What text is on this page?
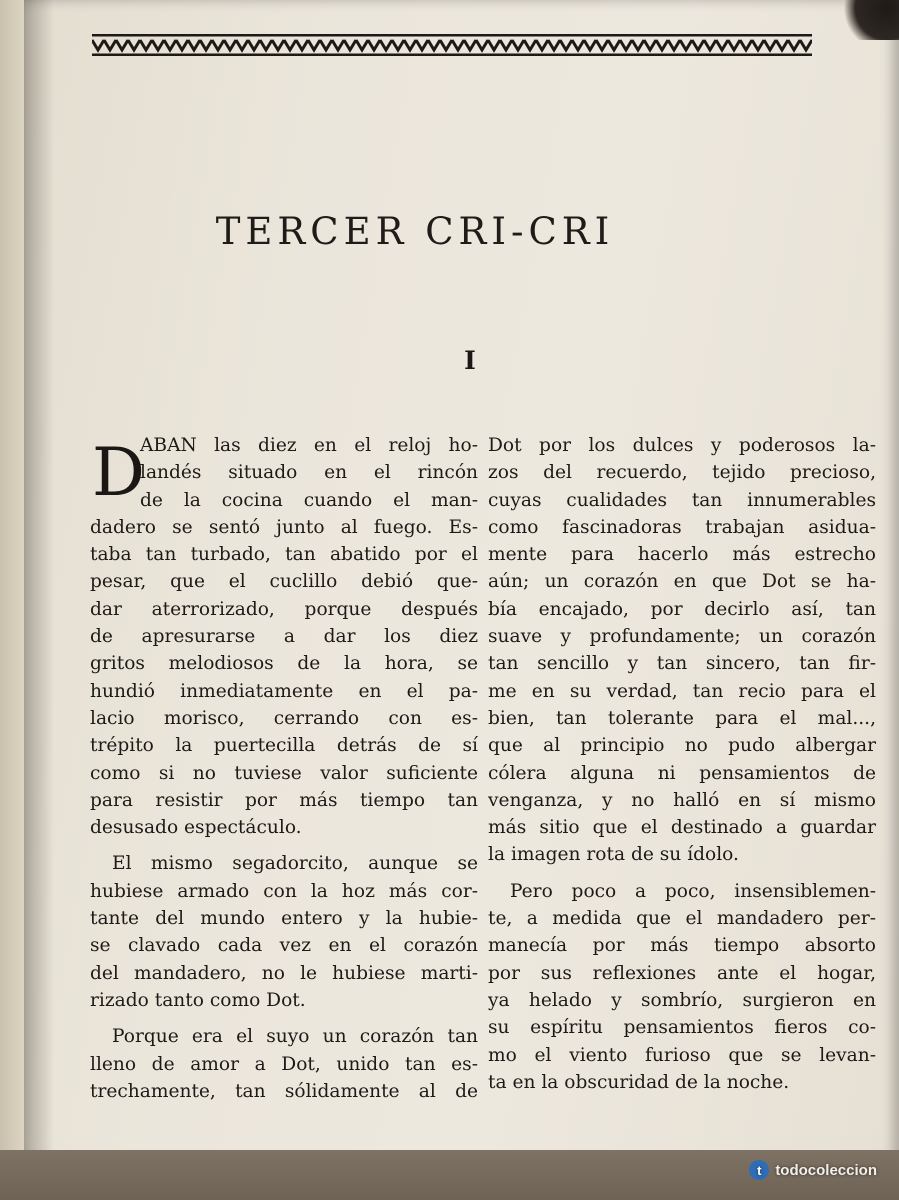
TERCER CRI-CRI
I
D
ABAN las diez en el reloj ho-
landés situado en el rincón
de la cocina cuando el man-
dadero se sentó junto al fuego. Es-
taba tan turbado, tan abatido por el
pesar, que el cuclillo debió que-
dar aterrorizado, porque después
de apresurarse a dar los diez
gritos melodiosos de la hora, se
hundió inmediatamente en el pa-
lacio morisco, cerrando con es-
trépito la puertecilla detrás de sí
como si no tuviese valor suficiente
para resistir por más tiempo tan
desusado espectáculo.
El mismo segadorcito, aunque se
hubiese armado con la hoz más cor-
tante del mundo entero y la hubie-
se clavado cada vez en el corazón
del mandadero, no le hubiese marti-
rizado tanto como Dot.
Porque era el suyo un corazón tan
lleno de amor a Dot, unido tan es-
trechamente, tan sólidamente al de
Dot por los dulces y poderosos la-
zos del recuerdo, tejido precioso,
cuyas cualidades tan innumerables
como fascinadoras trabajan asidua-
mente para hacerlo más estrecho
aún; un corazón en que Dot se ha-
bía encajado, por decirlo así, tan
suave y profundamente; un corazón
tan sencillo y tan sincero, tan fir-
me en su verdad, tan recio para el
bien, tan tolerante para el mal...,
que al principio no pudo albergar
cólera alguna ni pensamientos de
venganza, y no halló en sí mismo
más sitio que el destinado a guardar
la imagen rota de su ídolo.
Pero poco a poco, insensiblemen-
te, a medida que el mandadero per-
manecía por más tiempo absorto
por sus reflexiones ante el hogar,
ya helado y sombrío, surgieron en
su espíritu pensamientos fieros co-
mo el viento furioso que se levan-
ta en la obscuridad de la noche.
t todocoleccion
